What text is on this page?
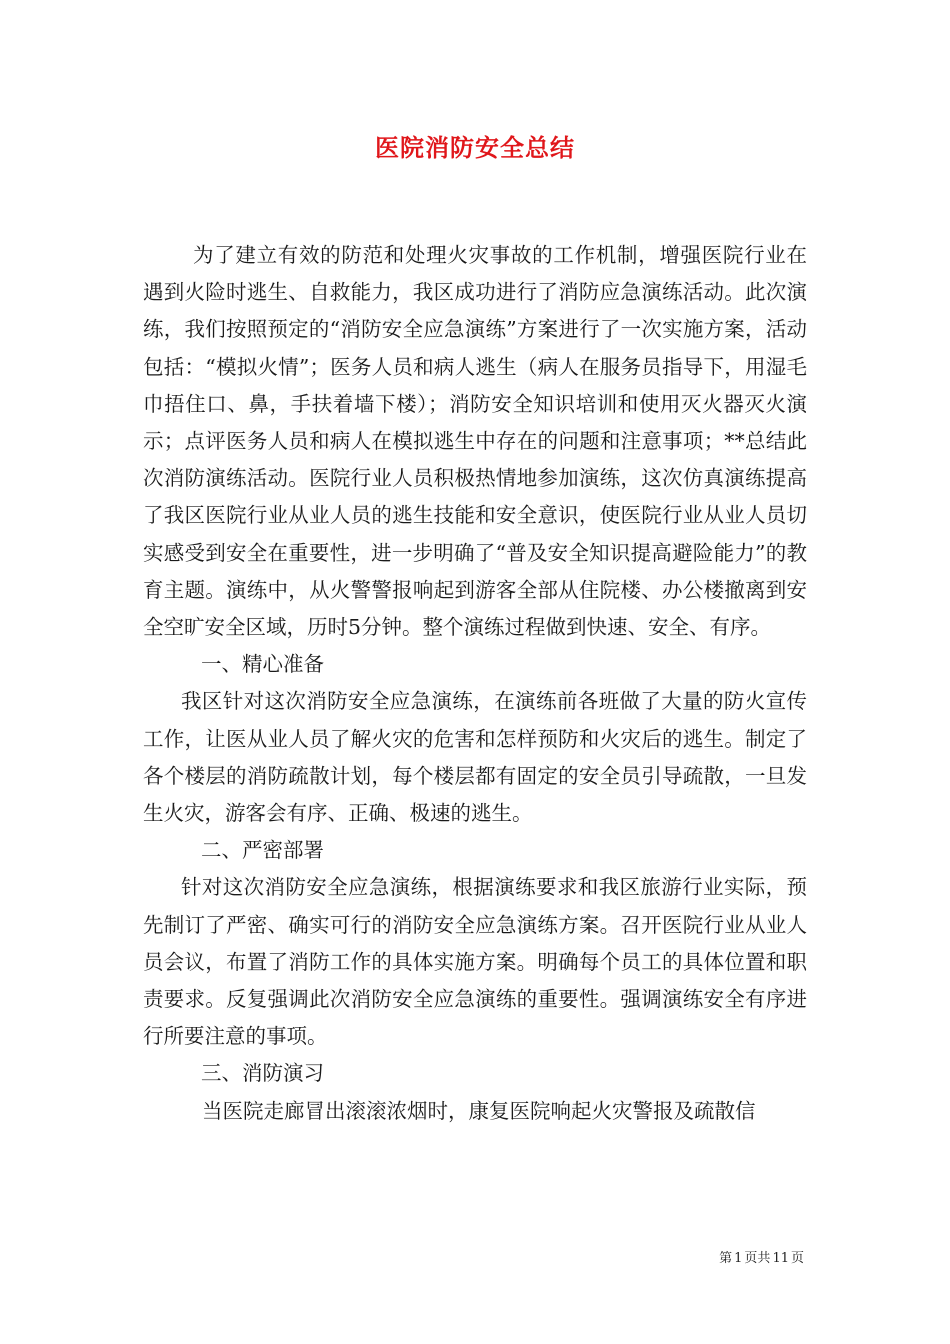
医院消防安全总结

为了建立有效的防范和处理火灾事故的工作机制，增强医院行业在遇到火险时逃生、自救能力，我区成功进行了消防应急演练活动。此次演练，我们按照预定的“消防安全应急演练”方案进行了一次实施方案，活动包括：“模拟火情”；医务人员和病人逃生（病人在服务员指导下，用湿毛巾捂住口、鼻，手扶着墙下楼）；消防安全知识培训和使用灭火器灭火演示；点评医务人员和病人在模拟逃生中存在的问题和注意事项；**总结此次消防演练活动。医院行业人员积极热情地参加演练，这次仿真演练提高了我区医院行业从业人员的逃生技能和安全意识，使医院行业从业人员切实感受到安全在重要性，进一步明确了“普及安全知识提高避险能力”的教育主题。演练中，从火警警报响起到游客全部从住院楼、办公楼撤离到安全空旷安全区域，历时5分钟。整个演练过程做到快速、安全、有序。

一、精心准备

我区针对这次消防安全应急演练，在演练前各班做了大量的防火宣传工作，让医从业人员了解火灾的危害和怎样预防和火灾后的逃生。制定了各个楼层的消防疏散计划，每个楼层都有固定的安全员引导疏散，一旦发生火灾，游客会有序、正确、极速的逃生。

二、严密部署

针对这次消防安全应急演练，根据演练要求和我区旅游行业实际，预先制订了严密、确实可行的消防安全应急演练方案。召开医院行业从业人员会议，布置了消防工作的具体实施方案。明确每个员工的具体位置和职责要求。反复强调此次消防安全应急演练的重要性。强调演练安全有序进行所要注意的事项。

三、消防演习

当医院走廊冒出滚滚浓烟时，康复医院响起火灾警报及疏散信

第 1 页共 11 页
